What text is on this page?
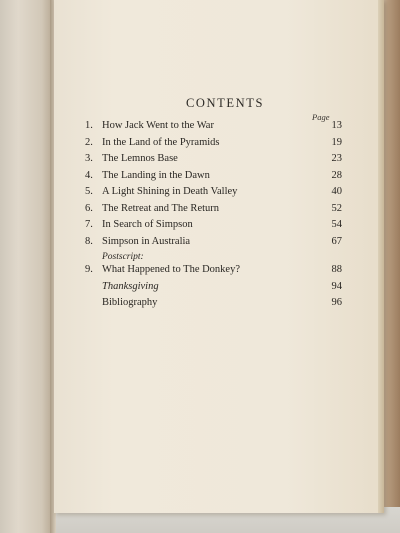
CONTENTS
Page
1. How Jack Went to the War	13
2. In the Land of the Pyramids	19
3. The Lemnos Base	23
4. The Landing in the Dawn	28
5. A Light Shining in Death Valley	40
6. The Retreat and The Return	52
7. In Search of Simpson	54
8. Simpson in Australia	67
Postscript:
9. What Happened to The Donkey?	88
Thanksgiving	94
Bibliography	96
